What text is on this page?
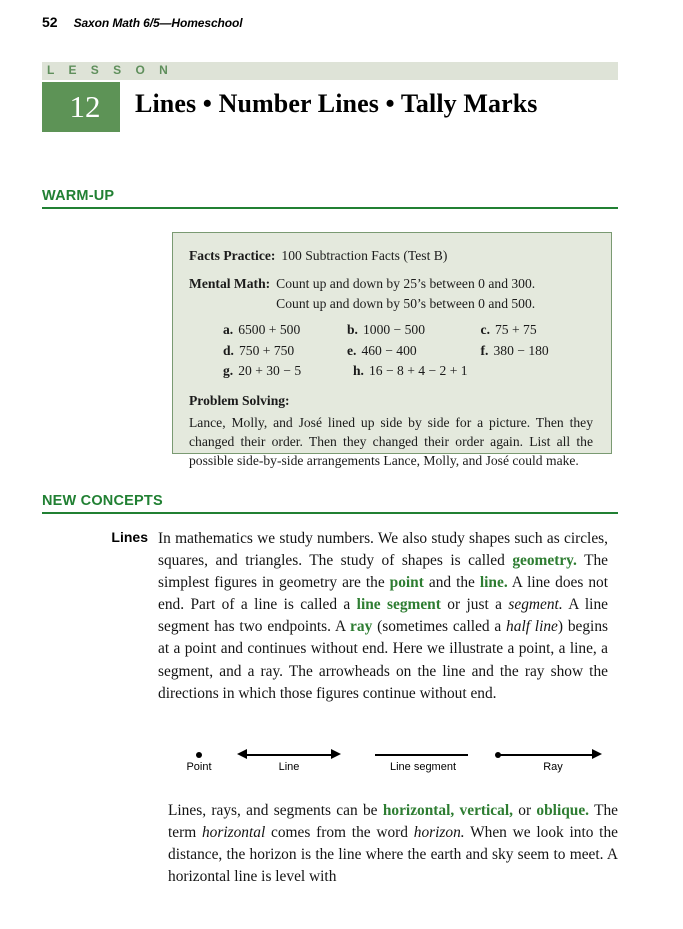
52 Saxon Math 6/5—Homeschool
L E S S O N
12	Lines • Number Lines • Tally Marks
WARM-UP
Facts Practice: 100 Subtraction Facts (Test B)
Mental Math: Count up and down by 25’s between 0 and 300.
Count up and down by 50’s between 0 and 500.
a. 6500 + 500	b. 1000 − 500	c. 75 + 75
d. 750 + 750	e. 460 − 400	f. 380 − 180
g. 20 + 30 − 5	h. 16 − 8 + 4 − 2 + 1
Problem Solving:
Lance, Molly, and José lined up side by side for a picture. Then they changed their order. Then they changed their order again. List all the possible side-by-side arrangements Lance, Molly, and José could make.
NEW CONCEPTS
Lines In mathematics we study numbers. We also study shapes such as circles, squares, and triangles. The study of shapes is called geometry. The simplest figures in geometry are the point and the line. A line does not end. Part of a line is called a line segment or just a segment. A line segment has two endpoints. A ray (sometimes called a half line) begins at a point and continues without end. Here we illustrate a point, a line, a segment, and a ray. The arrowheads on the line and the ray show the directions in which those figures continue without end.

Point	Line	Line segment	Ray

Lines, rays, and segments can be horizontal, vertical, or oblique. The term horizontal comes from the word horizon. When we look into the distance, the horizon is the line where the earth and sky seem to meet. A horizontal line is level with
